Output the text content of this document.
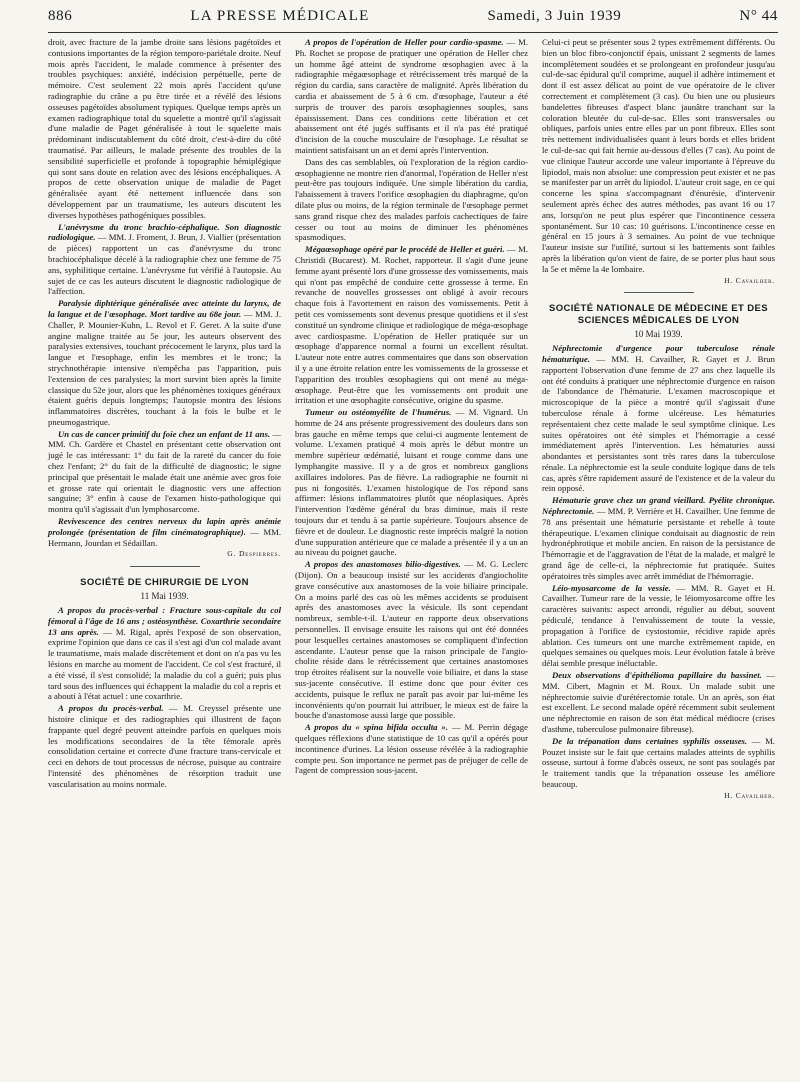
886	LA PRESSE MÉDICALE	Samedi, 3 Juin 1939	N° 44

droit, avec fracture de la jambe droite sans lésions pagétoïdes et contusions importantes de la région temporo-pariétale droite. Neuf mois après l'accident, le malade commence à présenter des troubles psychiques: anxiété, indécision perpétuelle, perte de mémoire. C'est seulement 22 mois après l'accident qu'une radiographie du crâne a pu être tirée et a révélé des lésions osseuses pagétoïdes absolument typiques. Quelque temps après un examen radiographique total du squelette a montré qu'il s'agissait d'une maladie de Paget généralisée à tout le squelette mais prédominant indiscutablement du côté droit, c'est-à-dire du côté traumatisé. Par ailleurs, le malade présente des troubles de la sensibilité superficielle et profonde à topographie hémiplégique qui sont sans doute en relation avec des lésions encéphaliques. A propos de cette observation unique de maladie de Paget généralisée ayant été nettement influencée dans son développement par un traumatisme, les auteurs discutent les diverses hypothèses pathogéniques possibles.

L'anévrysme du tronc brachio-céphalique. Son diagnostic radiologique. — MM. J. Froment, J. Brun, J. Viallier (présentation de pièces) rapportent un cas d'anévrysme du tronc brachiocéphalique décelé à la radiographie chez une femme de 75 ans, syphilitique certaine. L'anévrysme fut vérifié à l'autopsie. Au sujet de ce cas les auteurs discutent le diagnostic radiologique de l'affection.

Paralysie diphtérique généralisée avec atteinte du larynx, de la langue et de l'œsophage. Mort tardive au 68e jour. — MM. J. Challer, P. Mounier-Kuhn, L. Revol et F. Geret. A la suite d'une angine maligne traitée au 5e jour, les auteurs observent des paralysies extensives, touchant précocement le larynx, plus tard la langue et l'œsophage, enfin les membres et le tronc; la strychnothérapie intensive n'empêcha pas l'apparition, puis l'extension de ces paralysies; la mort survint bien après la limite classique du 52e jour, alors que les phénomènes toxiques généraux étaient guéris depuis longtemps; l'autopsie montra des lésions inflammatoires discrètes, touchant à la fois le bulbe et le pneumogastrique.

Un cas de cancer primitif du foie chez un enfant de 11 ans. — MM. Ch. Gardère et Chastel en présentant cette observation ont jugé le cas intéressant: 1° du fait de la rareté du cancer du foie chez l'enfant; 2° du fait de la difficulté de diagnostic; le signe principal que présentait le malade était une anémie avec gros foie et grosse rate qui orientait le diagnostic vers une affection sanguine; 3° enfin à cause de l'examen histo-pathologique qui montra qu'il s'agissait d'un lymphosarcome.

Revivescence des centres nerveux du lapin après anémie prolongée (présentation de film cinématographique). — MM. Hermann, Jourdan et Sédaillan.

G. Despierres.
SOCIÉTÉ DE CHIRURGIE DE LYON
11 Mai 1939.

A propos du procès-verbal : Fracture sous-capitale du col fémoral à l'âge de 16 ans ; ostéosynthèse. Coxarthrie secondaire 13 ans après. — M. Rigal, après l'exposé de son observation, exprime l'opinion que dans ce cas il s'est agi d'un col malade avant le traumatisme, mais malade discrètement et dont on n'a pas vu les lésions en marche au moment de l'accident. Ce col s'est fracturé, il a été vissé, il s'est consolidé; la maladie du col a guéri; puis plus tard sous des influences qui échappent la maladie du col a repris et a abouti à l'état actuel : une coxarthrie.

A propos du procès-verbal. — M. Creyssel présente une histoire clinique et des radiographies qui illustrent de façon frappante quel degré peuvent atteindre parfois en quelques mois les modifications secondaires de la tête fémorale après consolidation certaine et correcte d'une fracture trans-cervicale et ceci en dehors de tout processus de nécrose, puisque au contraire l'intensité des phénomènes de résorption traduit une vascularisation au moins normale.

A propos de l'opération de Heller pour cardio-spasme. — M. Ph. Rochet se propose de pratiquer une opération de Heller chez un homme âgé atteint de syndrome œsophagien avec à la radiographie mégaœsophage et rétrécissement très marqué de la région du cardia, sans caractère de malignité. Après libération du cardia et abaissement de 5 à 6 cm. d'œsophage, l'auteur a été surpris de trouver des parois œsophagiennes souples, sans épaississement. Dans ces conditions cette libération et cet abaissement ont été jugés suffisants et il n'a pas été pratiqué d'incision de la couche musculaire de l'œsophage. Le résultat se maintient satisfaisant un an et demi après l'intervention.

Dans des cas semblables, où l'exploration de la région cardio-œsophagienne ne montre rien d'anormal, l'opération de Heller n'est peut-être pas toujours indiquée. Une simple libération du cardia, l'abaissement à travers l'orifice œsophagien du diaphragme, qu'on dilate plus ou moins, de la région terminale de l'œsophage permet sans grand risque chez des malades parfois cachectiques de faire cesser ou tout au moins de diminuer les phénomènes spasmodiques.

Mégaœsophage opéré par le procédé de Heller et guéri. — M. Christidi (Bucarest). M. Rochet, rapporteur. Il s'agit d'une jeune femme ayant présenté lors d'une grossesse des vomissements, mais qui n'ont pas empêché de conduire cette grossesse à terme. En revanche de nouvelles grossesses ont obligé à avoir recours chaque fois à l'avortement en raison des vomissements. Petit à petit ces vomissements sont devenus presque quotidiens et il s'est constitué un syndrome clinique et radiologique de méga-œsophage avec cardiospasme. L'opération de Heller pratiquée sur un œsophage d'apparence normal a fourni un excellent résultat. L'auteur note entre autres commentaires que dans son observation il y a une étroite relation entre les vomissements de la grossesse et l'apparition des troubles œsophagiens qui ont mené au méga-œsophage. Peut-être que les vomissements ont produit une irritation et une œsophagite consécutive, origine du spasme.

Tumeur ou ostéomyélite de l'humérus. — M. Vignard. Un homme de 24 ans présente progressivement des douleurs dans son bras gauche en même temps que celui-ci augmente lentement de volume. L'examen pratiqué 4 mois après le début montre un membre supérieur œdématié, luisant et rouge comme dans une lymphangite massive. Il y a de gros et nombreux ganglions axillaires indolores. Pas de fièvre. La radiographie ne fournit ni pus ni fongosités. L'examen histologique de l'os répond sans affirmer: lésions inflammatoires plutôt que néoplasiques. Après l'intervention l'œdème général du bras diminue, mais il reste toujours dur et tendu à sa partie supérieure. Toujours absence de fièvre et de douleur. Le diagnostic reste imprécis malgré la notion d'une suppuration antérieure que ce malade a présentée il y a un an au niveau du poignet gauche.

A propos des anastomoses bilio-digestives. — M. G. Leclerc (Dijon). On a beaucoup insisté sur les accidents d'angiocholite grave consécutive aux anastomoses de la voie biliaire principale. On a moins parlé des cas où les mêmes accidents se produisent après des anastomoses avec la vésicule. Ils sont cependant nombreux, semble-t-il. L'auteur en rapporte deux observations personnelles. Il envisage ensuite les raisons qui ont été données pour lesquelles certaines anastomoses se compliquent d'infection ascendante. L'auteur pense que la raison principale de l'angio-cholite réside dans le rétrécissement que certaines anastomoses trop étroites réalisent sur la nouvelle voie biliaire, et dans la stase sus-jacente consécutive. Il estime donc que pour éviter ces accidents, puisque le reflux ne paraît pas avoir par lui-même les inconvénients qu'on pourrait lui attribuer, le mieux est de faire la bouche d'anastomose aussi large que possible.

A propos du « spina bifida occulta ». — M. Perrin dégage quelques réflexions d'une statistique de 10 cas qu'il a opérés pour incontinence d'urines. La lésion osseuse révélée à la radiographie compte peu. Son importance ne permet pas de préjuger de celle de l'agent de compression sous-jacent.

Celui-ci peut se présenter sous 2 types extrêmement différents. Ou bien un bloc fibro-conjonctif épais, unissant 2 segments de lames incomplètement soudées et se prolongeant en profondeur jusqu'au cul-de-sac épidural qu'il comprime, auquel il adhère intimement et dont il est assez délicat au point de vue opératoire de le cliver correctement et complètement (3 cas). Ou bien une ou plusieurs bandelettes fibreuses d'aspect blanc jaunâtre tranchant sur la coloration bleutée du cul-de-sac. Elles sont transversales ou obliques, parfois unies entre elles par un pont fibreux. Elles sont très nettement individualisées quant à leurs bords et elles brident le cul-de-sac qui fait hernie au-dessous d'elles (7 cas). Au point de vue clinique l'auteur accorde une valeur importante à l'épreuve du lipiodol, mais non absolue: une compression peut exister et ne pas se manifester par un arrêt du lipiodol. L'auteur croit sage, en ce qui concerne les spina s'accompagnant d'énurésie, d'intervenir seulement après échec des autres méthodes, pas avant 16 ou 17 ans, lorsqu'on ne peut plus espérer que l'incontinence cessera spontanément. Sur 10 cas: 10 guérisons. L'incontinence cesse en général en 15 jours à 3 semaines. Au point de vue technique l'auteur insiste sur l'utilité, surtout si les battements sont faibles après la libération qu'on vient de faire, de se porter plus haut sous la 5e et même la 4e lombaire.

H. Cavailher.
SOCIÉTÉ NATIONALE DE MÉDECINE ET DES SCIENCES MÉDICALES DE LYON
10 Mai 1939.

Néphrectomie d'urgence pour tuberculose rénale hématurique. — MM. H. Cavailher, R. Gayet et J. Brun rapportent l'observation d'une femme de 27 ans chez laquelle ils ont été conduits à pratiquer une néphrectomie d'urgence en raison de l'abondance de l'hématurie. L'examen macroscopique et microscopique de la pièce a montré qu'il s'agissait d'une tuberculose rénale à forme ulcéreuse. Les hématuries représentaient chez cette malade le seul symptôme clinique. Les suites opératoires ont été simples et l'hémorragie a cessé immédiatement après l'intervention. Les hématuries aussi abondantes et persistantes sont très rares dans la tuberculose rénale. La néphrectomie est la seule conduite logique dans de tels cas, après s'être rapidement assuré de l'existence et de la valeur du rein opposé.

Hématurie grave chez un grand vieillard. Pyélite chronique. Néphrectomie. — MM. P. Verrière et H. Cavailher. Une femme de 78 ans présentait une hématurie persistante et rebelle à toute thérapeutique. L'examen clinique conduisait au diagnostic de rein hydronéphrotique et mobile ancien. En raison de la persistance de l'hémorragie et de l'aggravation de l'état de la malade, et malgré le grand âge de celle-ci, la néphrectomie fut pratiquée. Suites opératoires très simples avec arrêt immédiat de l'hémorragie.

Léio-myosarcome de la vessie. — MM. R. Gayet et H. Cavailher. Tumeur rare de la vessie, le léiomyosarcome offre les caractères suivants: aspect arrondi, régulier au début, souvent pédiculé, tendance à l'envahissement de toute la vessie, propagation à l'orifice de cystostomie, récidive rapide après ablation. Ces tumeurs ont une marche extrêmement rapide, en quelques semaines ou quelques mois. Leur évolution fatale à brève délai semble presque inéluctable.

Deux observations d'épithélioma papillaire du bassinet. — MM. Cibert, Magnin et M. Roux. Un malade subit une néphrectomie suivie d'urétérectomie totale. Un an après, son état est excellent. Le second malade opéré récemment subit seulement une néphrectomie en raison de son état médical médiocre (crises d'asthme, tuberculose pulmonaire fibreuse).

De la trépanation dans certaines syphilis osseuses. — M. Pouzet insiste sur le fait que certains malades atteints de syphilis osseuse, surtout à forme d'abcès osseux, ne sont pas soulagés par le traitement tandis que la trépanation osseuse les améliore beaucoup.

H. Cavailher.
